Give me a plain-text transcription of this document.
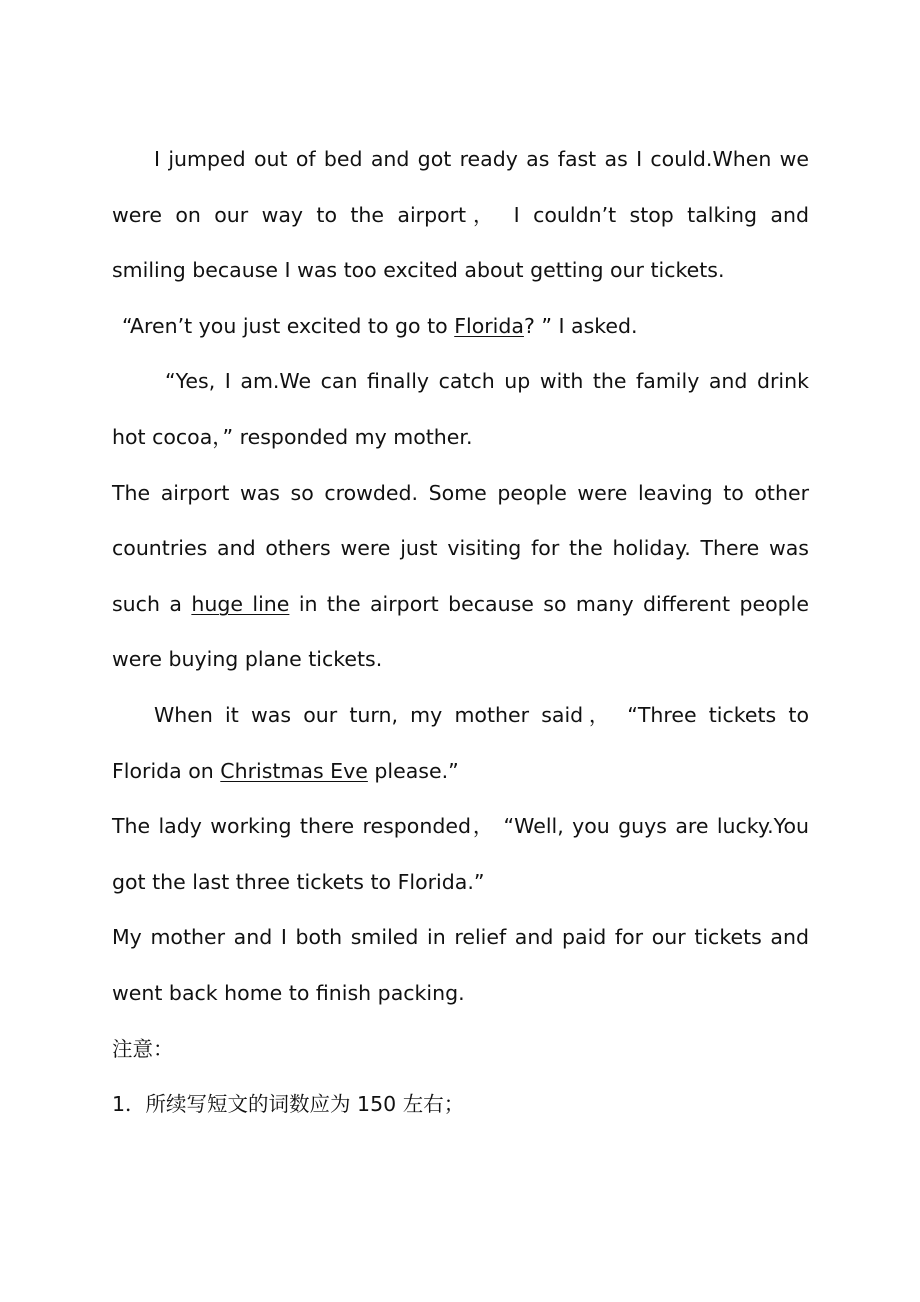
I jumped out of bed and got ready as fast as I could.When we
were on our way to the airport， I couldn’t stop talking and
smiling because I was too excited about getting our tickets.
“Aren’t you just excited to go to Florida? ” I asked.
“Yes, I am.We can finally catch up with the family and drink
hot cocoa，” responded my mother.
The airport was so crowded. Some people were leaving to other
countries and others were just visiting for the holiday. There was
such a huge line in the airport because so many different people
were buying plane tickets.
When it was our turn, my mother said， “Three tickets to
Florida on Christmas Eve please.”
The lady working there responded， “Well, you guys are lucky.You
got the last three tickets to Florida.”
My mother and I both smiled in relief and paid for our tickets and
went back home to finish packing.
注意：
1．所续写短文的词数应为 150 左右；
